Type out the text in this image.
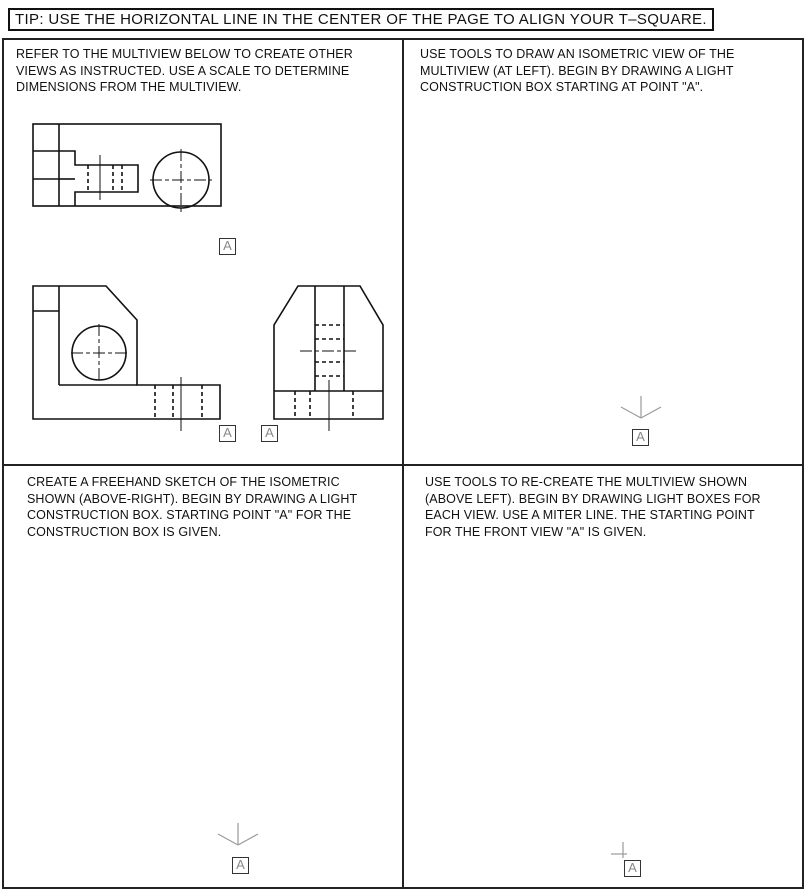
TIP: USE THE HORIZONTAL LINE IN THE CENTER OF THE PAGE TO ALIGN YOUR T–SQUARE.
REFER TO THE MULTIVIEW BELOW TO CREATE OTHER
VIEWS AS INSTRUCTED. USE A SCALE TO DETERMINE
DIMENSIONS FROM THE MULTIVIEW.
A
A	A
USE TOOLS TO DRAW AN ISOMETRIC VIEW OF THE
MULTIVIEW (AT LEFT). BEGIN BY DRAWING A LIGHT
CONSTRUCTION BOX STARTING AT POINT "A".
A
CREATE A FREEHAND SKETCH OF THE ISOMETRIC
SHOWN (ABOVE-RIGHT). BEGIN BY DRAWING A LIGHT
CONSTRUCTION BOX. STARTING POINT "A" FOR THE
CONSTRUCTION BOX IS GIVEN.
A
USE TOOLS TO RE-CREATE THE MULTIVIEW SHOWN
(ABOVE LEFT). BEGIN BY DRAWING LIGHT BOXES FOR
EACH VIEW. USE A MITER LINE. THE STARTING POINT
FOR THE FRONT VIEW "A" IS GIVEN.
A
